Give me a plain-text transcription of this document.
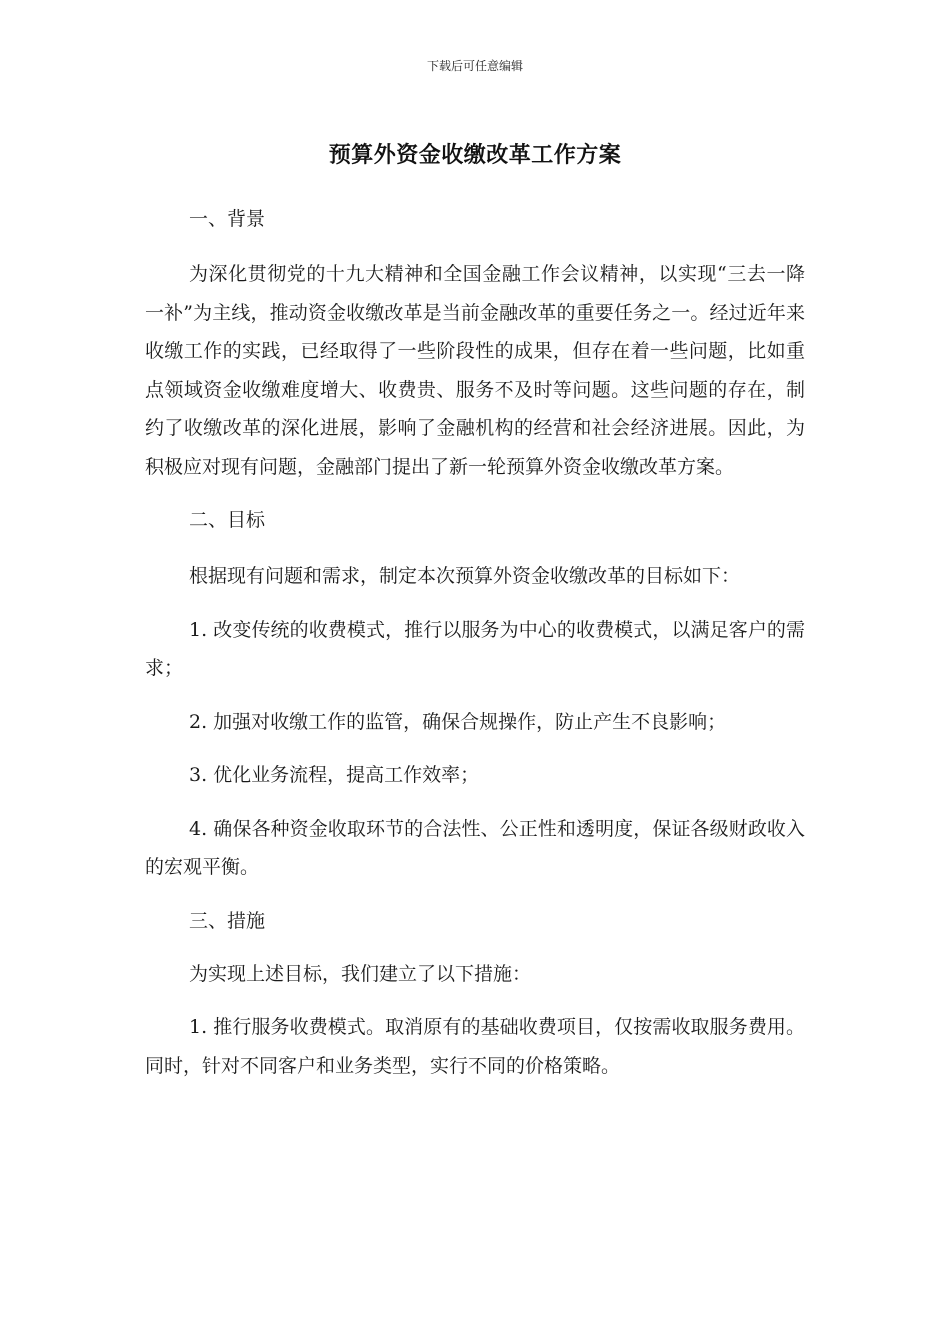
下载后可任意编辑
预算外资金收缴改革工作方案

一、背景

为深化贯彻党的十九大精神和全国金融工作会议精神，以实现“三去一降一补”为主线，推动资金收缴改革是当前金融改革的重要任务之一。经过近年来收缴工作的实践，已经取得了一些阶段性的成果，但存在着一些问题，比如重点领域资金收缴难度增大、收费贵、服务不及时等问题。这些问题的存在，制约了收缴改革的深化进展，影响了金融机构的经营和社会经济进展。因此，为积极应对现有问题，金融部门提出了新一轮预算外资金收缴改革方案。

二、目标

根据现有问题和需求，制定本次预算外资金收缴改革的目标如下：

1. 改变传统的收费模式，推行以服务为中心的收费模式，以满足客户的需求；

2. 加强对收缴工作的监管，确保合规操作，防止产生不良影响；

3. 优化业务流程，提高工作效率；

4. 确保各种资金收取环节的合法性、公正性和透明度，保证各级财政收入的宏观平衡。

三、措施

为实现上述目标，我们建立了以下措施：

1. 推行服务收费模式。取消原有的基础收费项目，仅按需收取服务费用。同时，针对不同客户和业务类型，实行不同的价格策略。
